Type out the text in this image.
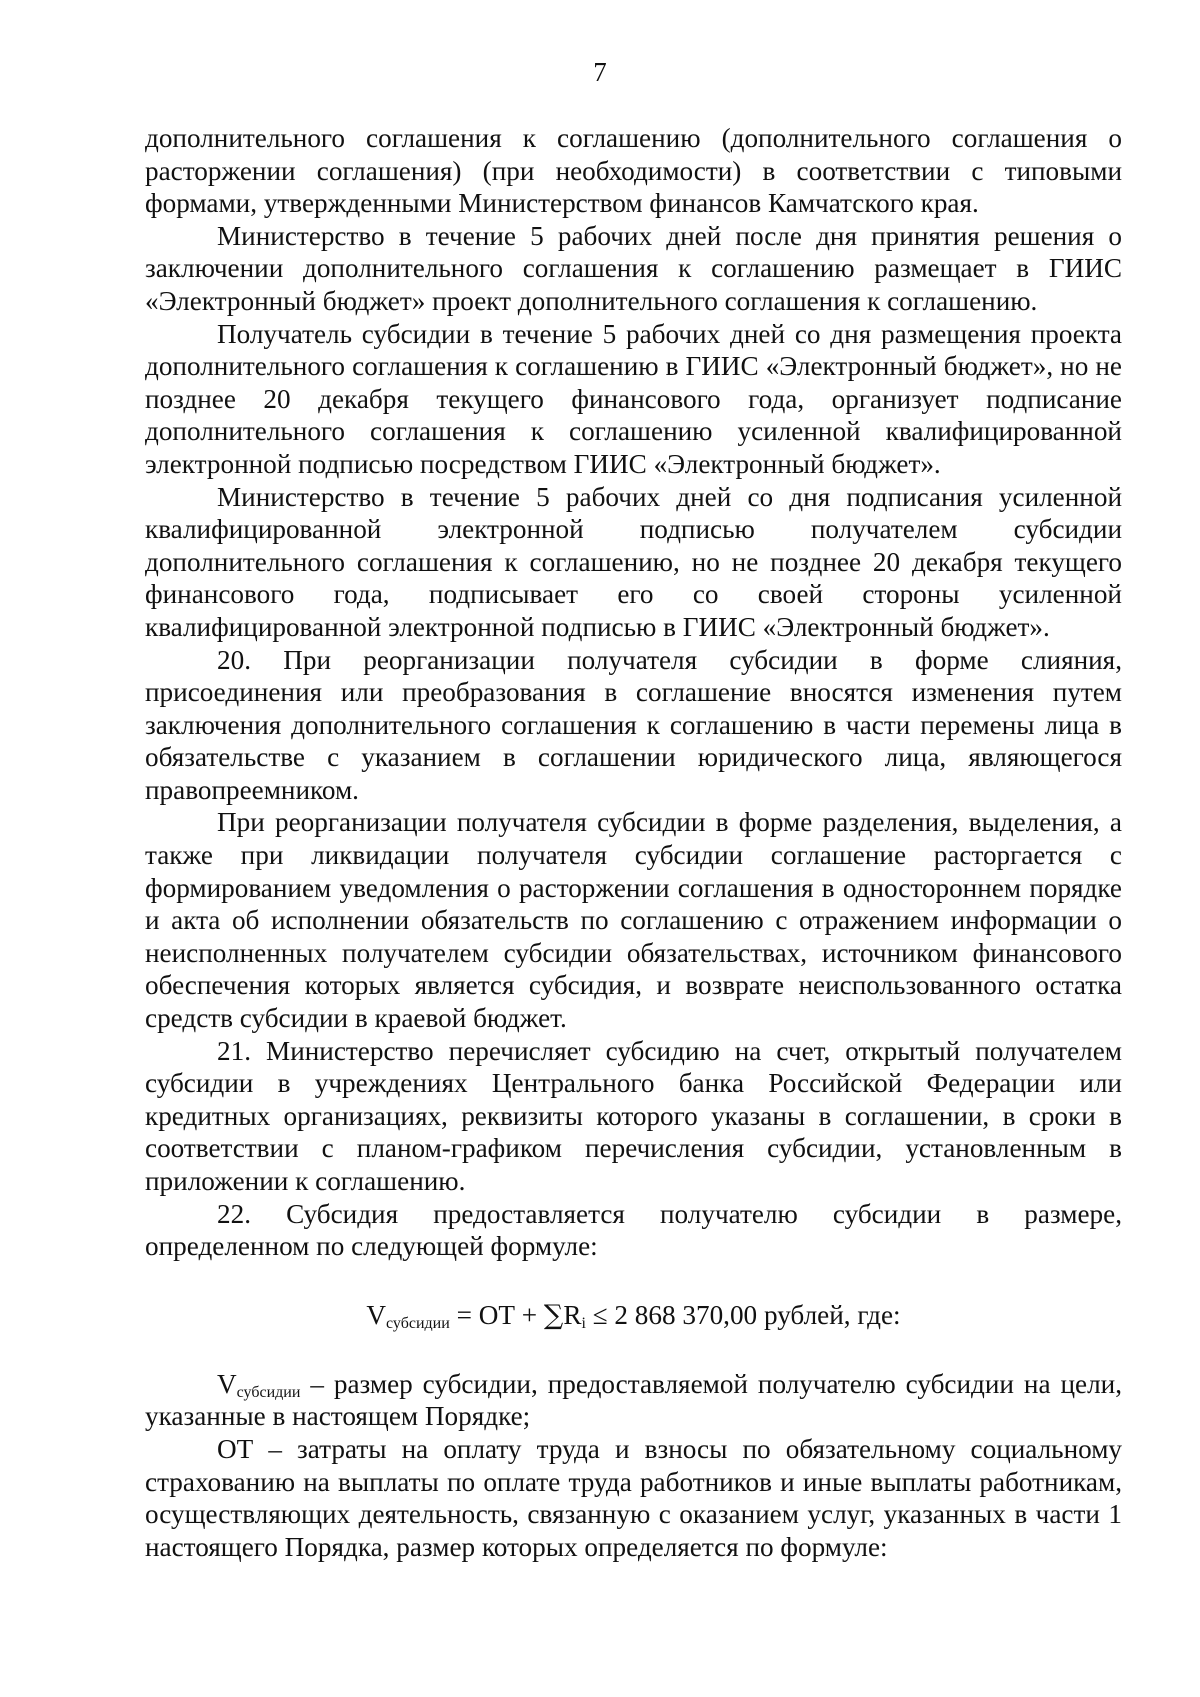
7

дополнительного соглашения к соглашению (дополнительного соглашения о расторжении соглашения) (при необходимости) в соответствии с типовыми формами, утвержденными Министерством финансов Камчатского края.

Министерство в течение 5 рабочих дней после дня принятия решения о заключении дополнительного соглашения к соглашению размещает в ГИИС «Электронный бюджет» проект дополнительного соглашения к соглашению.

Получатель субсидии в течение 5 рабочих дней со дня размещения проекта дополнительного соглашения к соглашению в ГИИС «Электронный бюджет», но не позднее 20 декабря текущего финансового года, организует подписание дополнительного соглашения к соглашению усиленной квалифицированной электронной подписью посредством ГИИС «Электронный бюджет».

Министерство в течение 5 рабочих дней со дня подписания усиленной квалифицированной электронной подписью получателем субсидии дополнительного соглашения к соглашению, но не позднее 20 декабря текущего финансового года, подписывает его со своей стороны усиленной квалифицированной электронной подписью в ГИИС «Электронный бюджет».

20. При реорганизации получателя субсидии в форме слияния, присоединения или преобразования в соглашение вносятся изменения путем заключения дополнительного соглашения к соглашению в части перемены лица в обязательстве с указанием в соглашении юридического лица, являющегося правопреемником.

При реорганизации получателя субсидии в форме разделения, выделения, а также при ликвидации получателя субсидии соглашение расторгается с формированием уведомления о расторжении соглашения в одностороннем порядке и акта об исполнении обязательств по соглашению с отражением информации о неисполненных получателем субсидии обязательствах, источником финансового обеспечения которых является субсидия, и возврате неиспользованного остатка средств субсидии в краевой бюджет.

21. Министерство перечисляет субсидию на счет, открытый получателем субсидии в учреждениях Центрального банка Российской Федерации или кредитных организациях, реквизиты которого указаны в соглашении, в сроки в соответствии с планом-графиком перечисления субсидии, установленным в приложении к соглашению.

22. Субсидия предоставляется получателю субсидии в размере, определенном по следующей формуле:

$V_{субсидии}$ = ОТ + $\sum R_i \le 2$ 868 370,00 рублей, где:

$V_{субсидии}$ – размер субсидии, предоставляемой получателю субсидии на цели, указанные в настоящем Порядке;

ОТ – затраты на оплату труда и взносы по обязательному социальному страхованию на выплаты по оплате труда работников и иные выплаты работникам, осуществляющих деятельность, связанную с оказанием услуг, указанных в части 1 настоящего Порядка, размер которых определяется по формуле:
